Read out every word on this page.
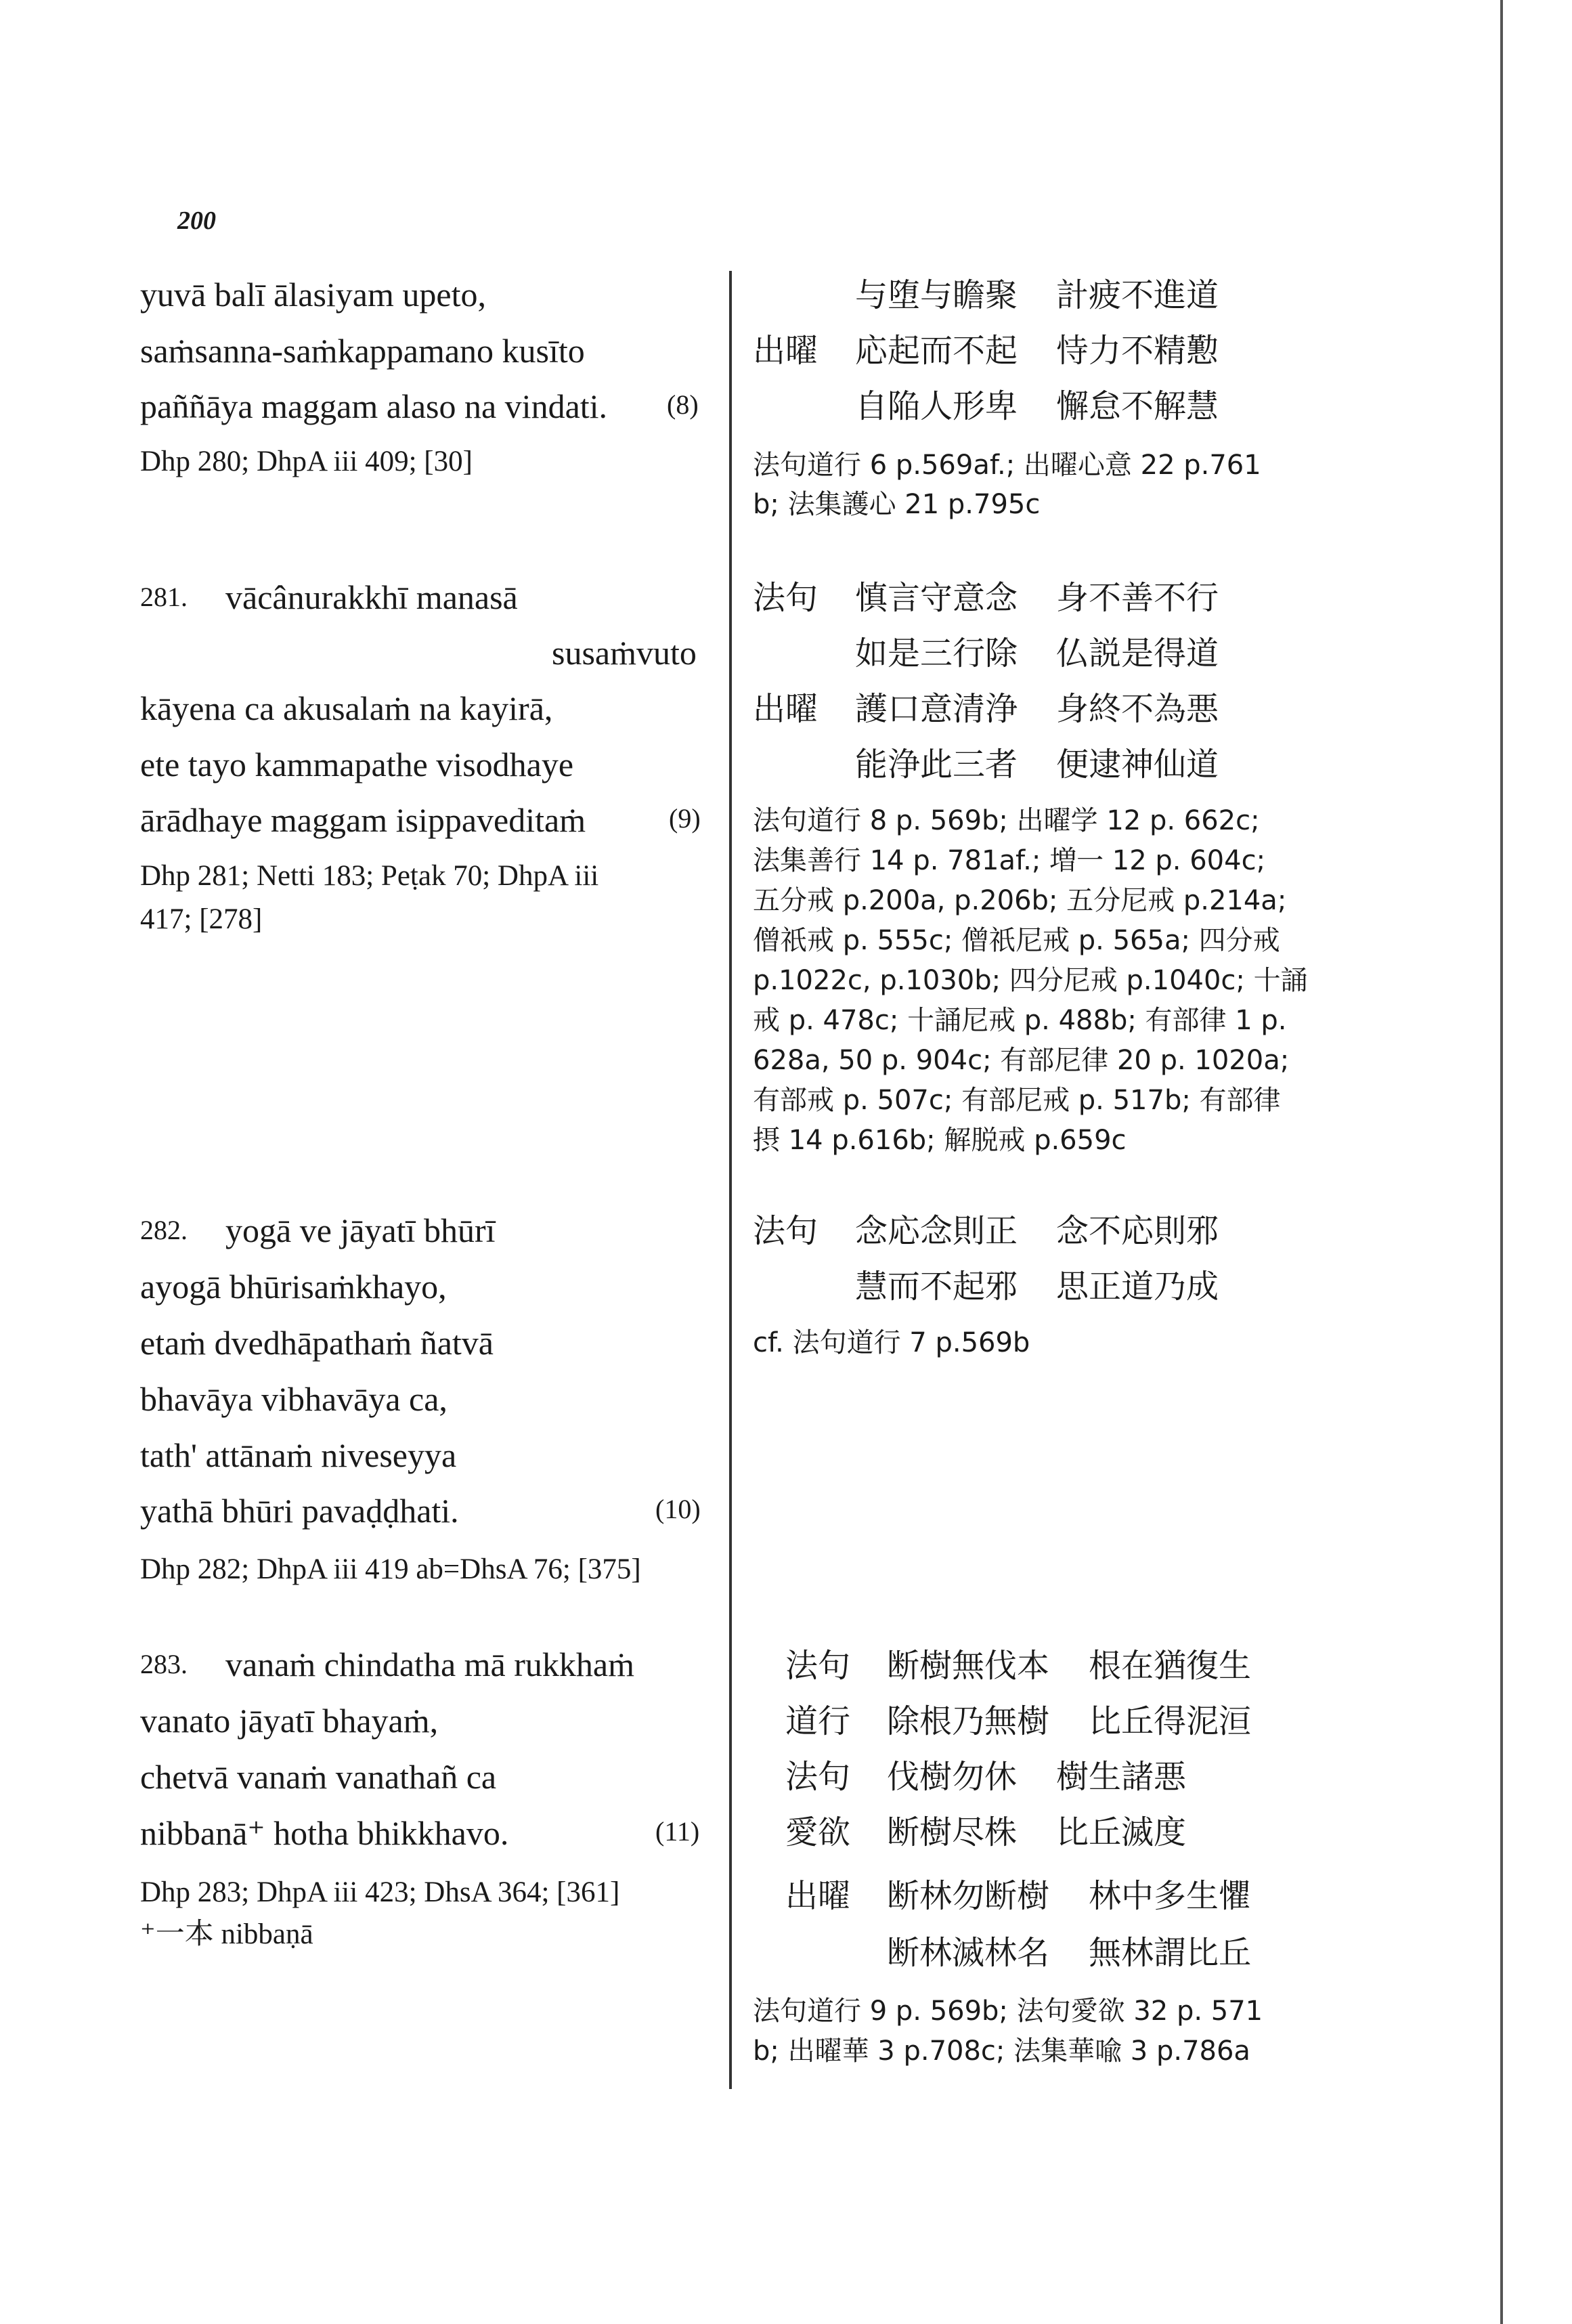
200
yuvā balī ālasiyam upeto,
saṁsanna-saṁkappamano kusīto
paññāya maggam alaso na vindati. (8)
Dhp 280; DhpA iii 409; [30]
281. vācânurakkhī manasā
susaṁvuto
kāyena ca akusalaṁ na kayirā,
ete tayo kammapathe visodhaye
ārādhaye maggam isippaveditaṁ	(9)
Dhp 281; Netti 183; Peṭak 70; DhpA iii
417; [278]
282. yogā ve jāyatī bhūrī
ayogā bhūrisaṁkhayo,
etaṁ dvedhāpathaṁ ñatvā
bhavāya vibhavāya ca,
tath' attānaṁ niveseyya
yathā bhūri pavaḍḍhati.	(10)
Dhp 282; DhpA iii 419 ab=DhsA 76; [375]
283. vanaṁ chindatha mā rukkhaṁ
vanato jāyatī bhayaṁ,
chetvā vanaṁ vanathañ ca
nibbanā⁺ hotha bhikkhavo.	(11)
Dhp 283; DhpA iii 423; DhsA 364; [361]
⁺一本 nibbaṇā
与堕与瞻聚 計疲不進道
出曜 応起而不起 恃力不精懃
自陥人形卑 懈怠不解慧
法句道行 6 p.569af.; 出曜心意 22 p.761
b; 法集護心 21 p.795c
法句 慎言守意念 身不善不行
如是三行除 仏説是得道
出曜 護口意清浄 身終不為悪
能浄此三者 便逮神仙道
法句道行 8 p. 569b; 出曜学 12 p. 662c;
法集善行 14 p. 781af.; 増一 12 p. 604c;
五分戒 p.200a, p.206b; 五分尼戒 p.214a;
僧祇戒 p. 555c; 僧祇尼戒 p. 565a; 四分戒
p.1022c, p.1030b; 四分尼戒 p.1040c; 十誦
戒 p. 478c; 十誦尼戒 p. 488b; 有部律 1 p.
628a, 50 p. 904c; 有部尼律 20 p. 1020a;
有部戒 p. 507c; 有部尼戒 p. 517b; 有部律
摂 14 p.616b; 解脱戒 p.659c
法句 念応念則正 念不応則邪
慧而不起邪 思正道乃成
cf. 法句道行 7 p.569b
法句 断樹無伐本 根在猶復生
道行 除根乃無樹 比丘得泥洹
法句 伐樹勿休 樹生諸悪
愛欲 断樹尽株 比丘滅度
出曜 断林勿断樹 林中多生懼
断林滅林名 無林謂比丘
法句道行 9 p. 569b; 法句愛欲 32 p. 571
b; 出曜華 3 p.708c; 法集華喩 3 p.786a
